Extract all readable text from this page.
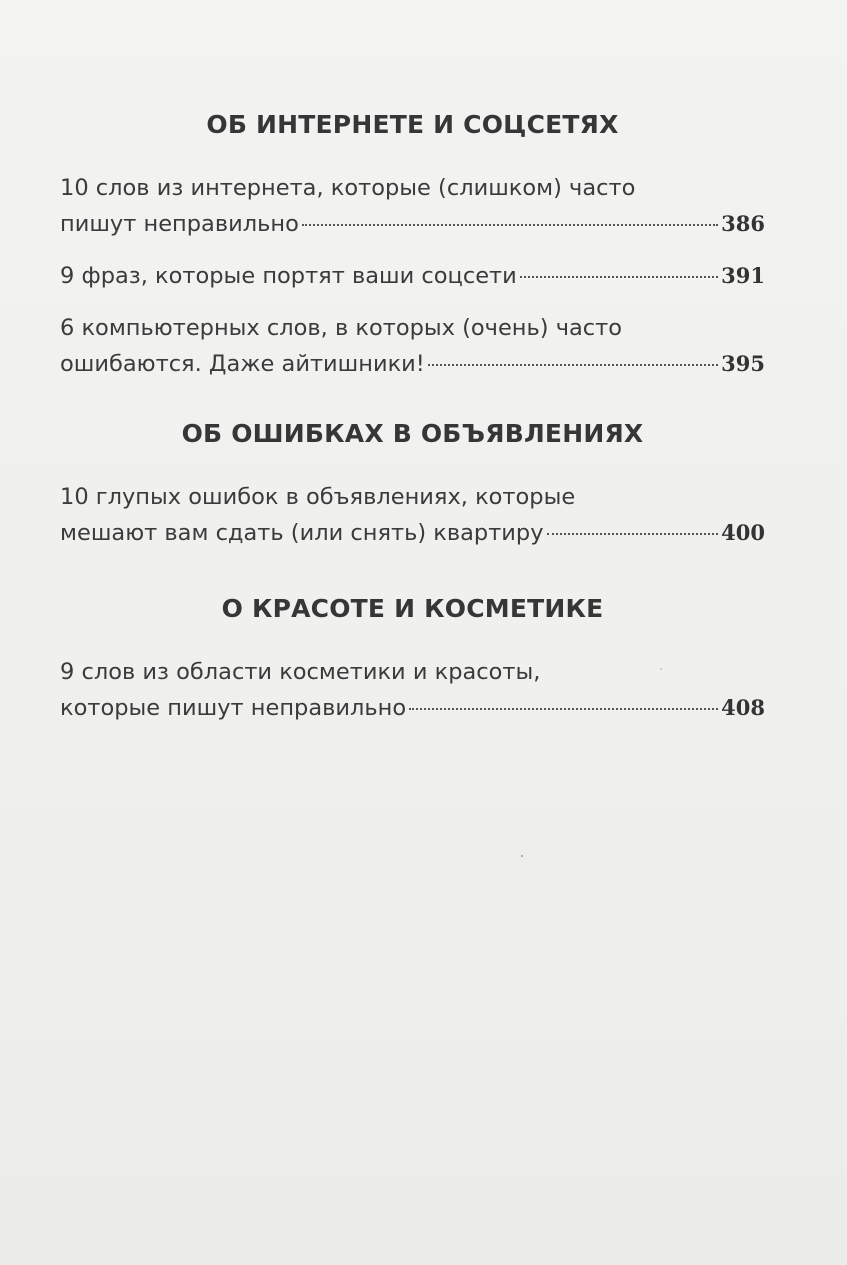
ОБ ИНТЕРНЕТЕ И СОЦСЕТЯХ
10 слов из интернета, которые (слишком) часто
пишут неправильно	386
9 фраз, которые портят ваши соцсети	391
6 компьютерных слов, в которых (очень) часто
ошибаются. Даже айтишники!	395
ОБ ОШИБКАХ В ОБЪЯВЛЕНИЯХ
10 глупых ошибок в объявлениях, которые
мешают вам сдать (или снять) квартиру	400
О КРАСОТЕ И КОСМЕТИКЕ
9 слов из области косметики и красоты,
которые пишут неправильно	408
